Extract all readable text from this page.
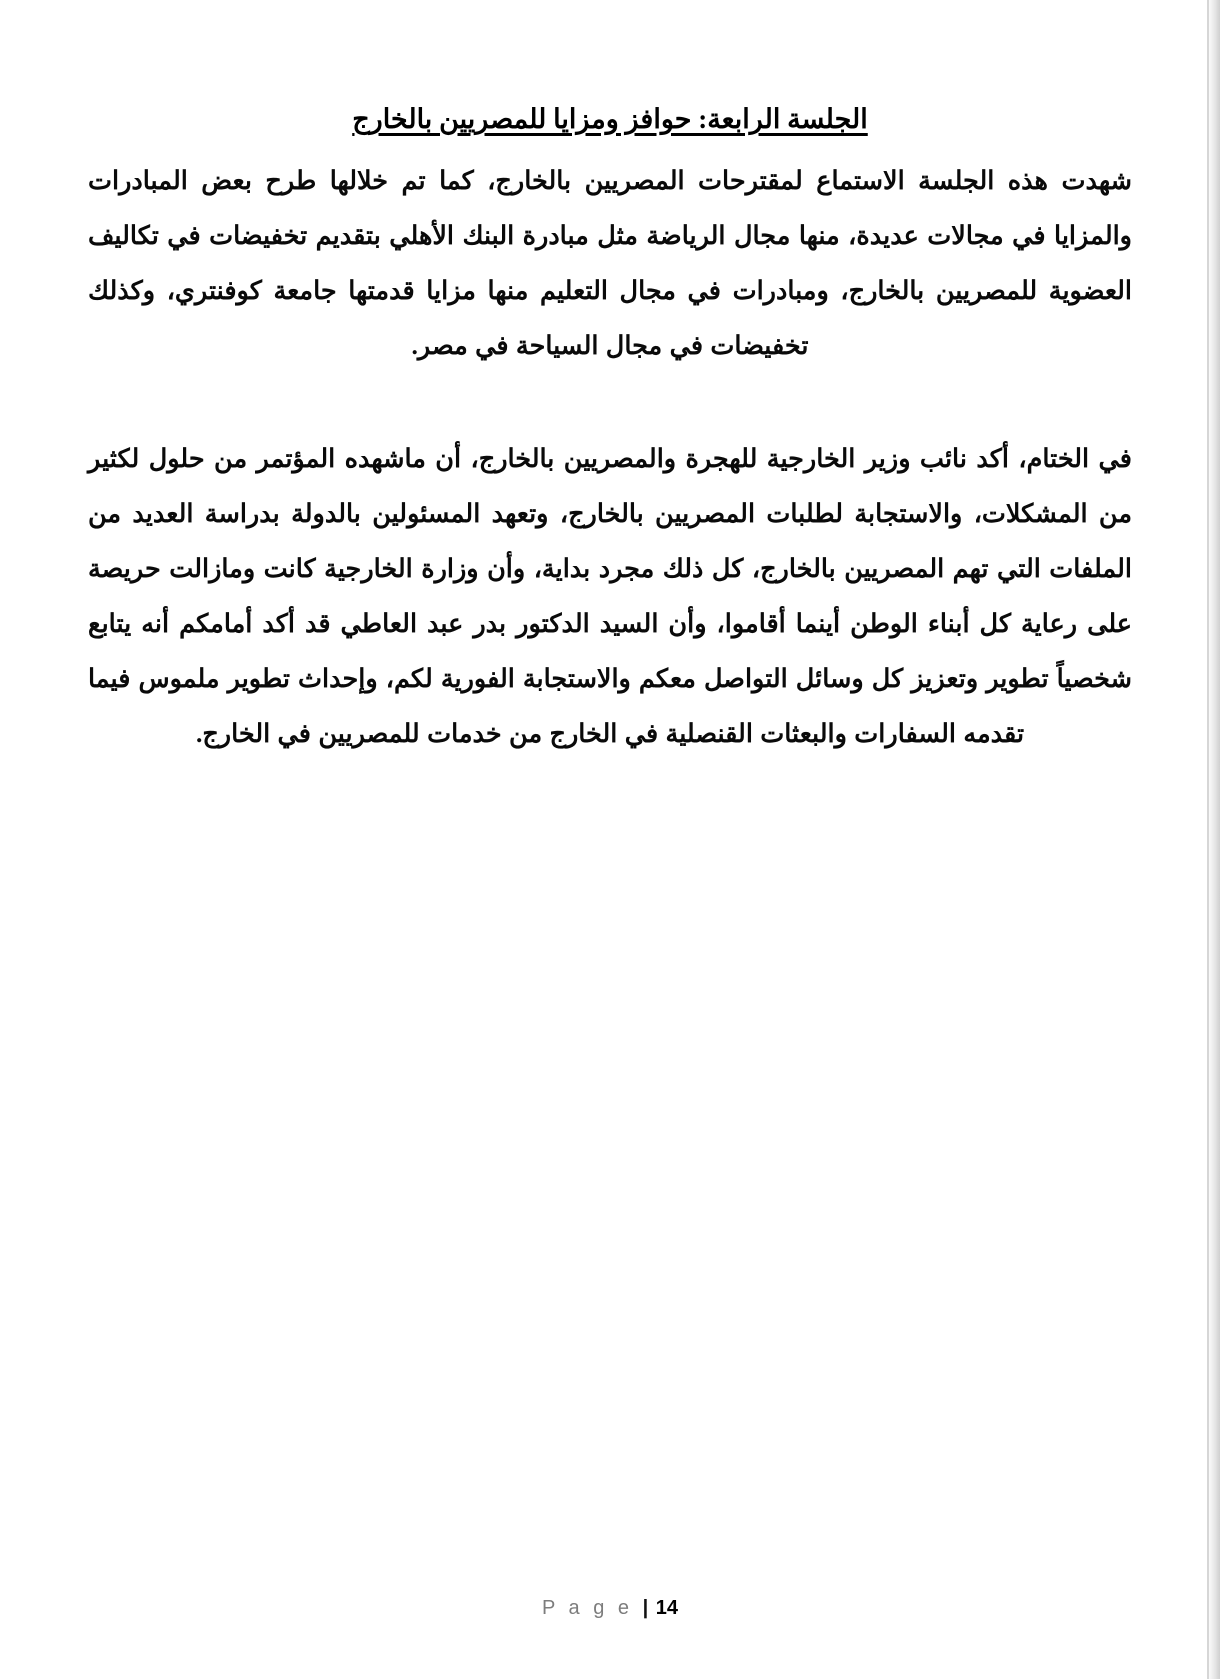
الجلسة الرابعة: حوافز ومزايا للمصريين بالخارج

شهدت هذه الجلسة الاستماع لمقترحات المصريين بالخارج، كما تم خلالها طرح بعض المبادرات والمزايا في مجالات عديدة، منها مجال الرياضة مثل مبادرة البنك الأهلي بتقديم تخفيضات في تكاليف العضوية للمصريين بالخارج، ومبادرات في مجال التعليم منها مزايا قدمتها جامعة كوفنتري، وكذلك تخفيضات في مجال السياحة في مصر.

في الختام، أكد نائب وزير الخارجية للهجرة والمصريين بالخارج، أن ماشهده المؤتمر من حلول لكثير من المشكلات، والاستجابة لطلبات المصريين بالخارج، وتعهد المسئولين بالدولة بدراسة العديد من الملفات التي تهم المصريين بالخارج، كل ذلك مجرد بداية، وأن وزارة الخارجية كانت ومازالت حريصة على رعاية كل أبناء الوطن أينما أقاموا، وأن السيد الدكتور بدر عبد العاطي قد أكد أمامكم أنه يتابع شخصياً تطوير وتعزيز كل وسائل التواصل معكم والاستجابة الفورية لكم، وإحداث تطوير ملموس فيما تقدمه السفارات والبعثات القنصلية في الخارج من خدمات للمصريين في الخارج.

P a g e | 14
